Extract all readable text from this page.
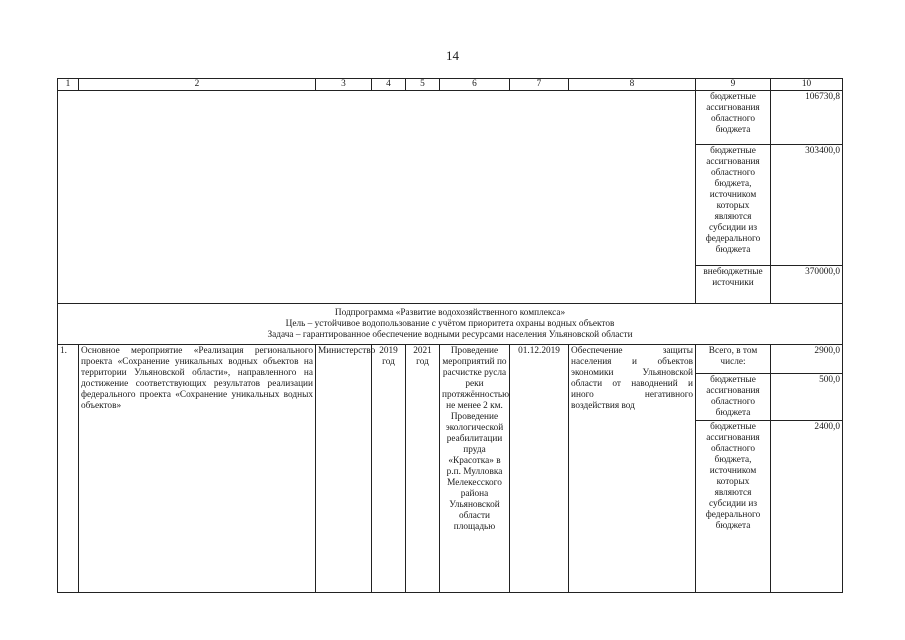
14
1	2	3	4	5	6	7	8	9	10
								бюджетные ассигнования областного бюджета	106730,8
								бюджетные ассигнования областного бюджета, источником которых являются субсидии из федерального бюджета	303400,0
								внебюджетные источники	370000,0

Подпрограмма «Развитие водохозяйственного комплекса»
Цель – устойчивое водопользование с учётом приоритета охраны водных объектов
Задача – гарантированное обеспечение водными ресурсами населения Ульяновской области									

1.	Основное мероприятие «Реализация регионального проекта «Сохранение уникальных водных объектов на территории Ульяновской области», направленного на достижение соответствующих результатов реализации федерального проекта «Сохранение уникальных водных объектов»	Министерство	2019 год	2021 год	Проведение мероприятий по расчистке русла реки протяжённостью не менее 2 км. Проведение экологической реабилитации пруда «Красотка» в р.п. Мулловка Мелекесского района Ульяновской области площадью	01.12.2019	Обеспечение защиты населения и объектов экономики Ульяновской области от наводнений и иного негативного воздействия вод	Всего, в том числе:	2900,0
								бюджетные ассигнования областного бюджета	500,0
								бюджетные ассигнования областного бюджета, источником которых являются субсидии из федерального бюджета	2400,0
